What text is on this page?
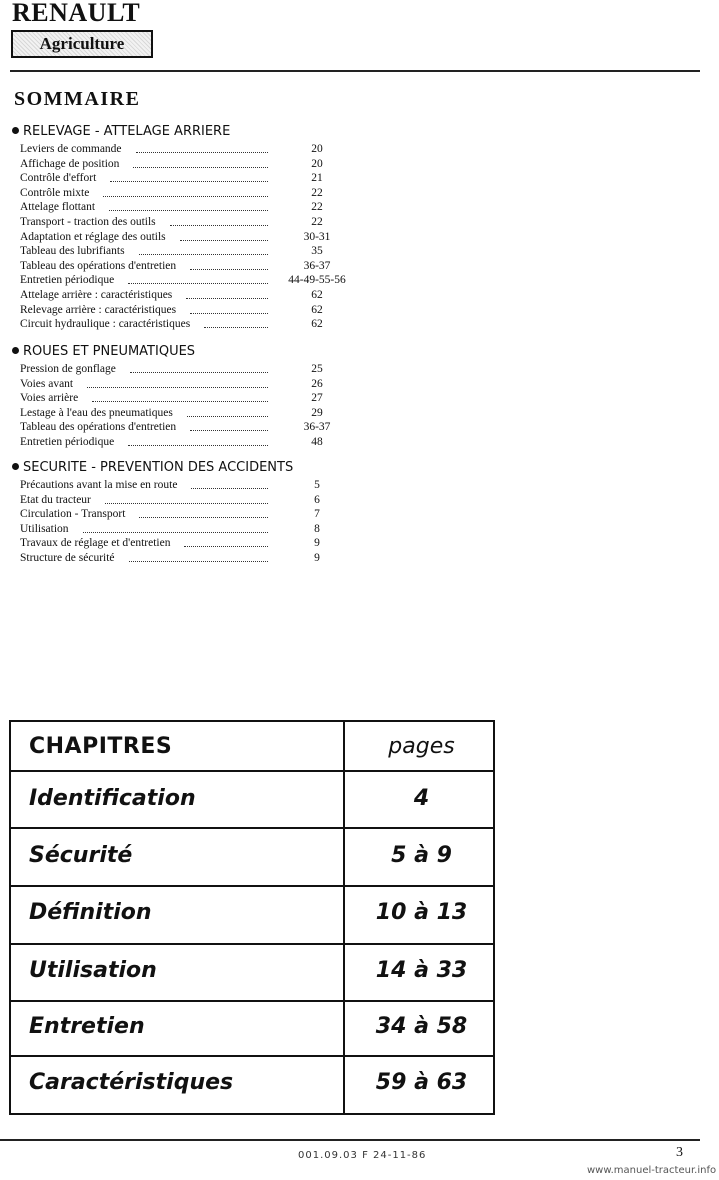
RENAULT
Agriculture
SOMMAIRE
RELEVAGE - ATTELAGE ARRIERE
Leviers de commande	20
Affichage de position	20
Contrôle d'effort	21
Contrôle mixte	22
Attelage flottant	22
Transport - traction des outils	22
Adaptation et réglage des outils	30-31
Tableau des lubrifiants	35
Tableau des opérations d'entretien	36-37
Entretien périodique	44-49-55-56
Attelage arrière : caractéristiques	62
Relevage arrière : caractéristiques	62
Circuit hydraulique : caractéristiques	62
ROUES ET PNEUMATIQUES
Pression de gonflage	25
Voies avant	26
Voies arrière	27
Lestage à l'eau des pneumatiques	29
Tableau des opérations d'entretien	36-37
Entretien périodique	48
SECURITE - PREVENTION DES ACCIDENTS
Précautions avant la mise en route	5
Etat du tracteur	6
Circulation - Transport	7
Utilisation	8
Travaux de réglage et d'entretien	9
Structure de sécurité	9
CHAPITRES	pages
Identification	4
Sécurité	5 à 9
Définition	10 à 13
Utilisation	14 à 33
Entretien	34 à 58
Caractéristiques	59 à 63
001.09.03 F 24-11-86	3
www.manuel-tracteur.info
